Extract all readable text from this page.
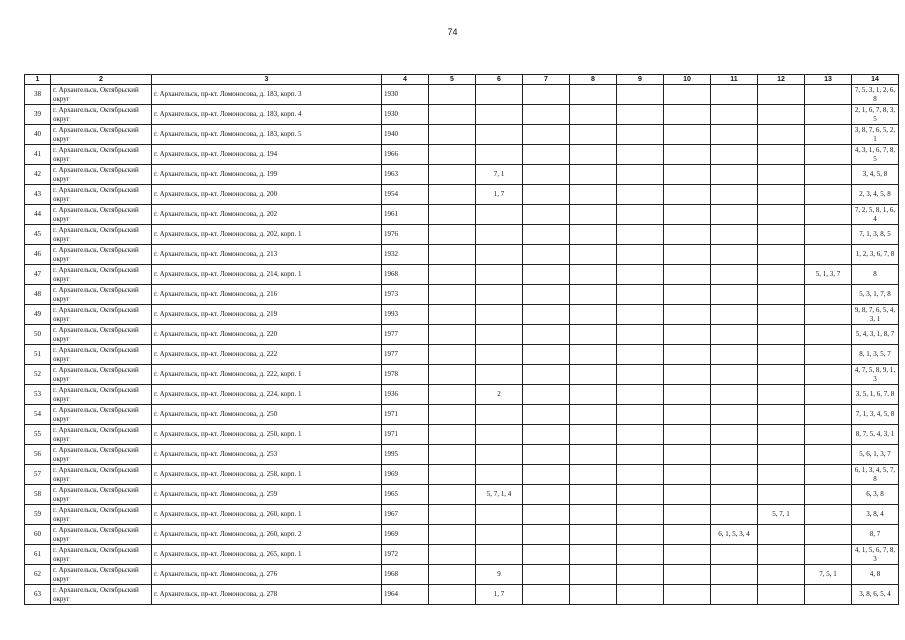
74
1	2	3	4	5	6	7	8	9	10	11	12	13	14
38	г. Архангельск, Октябрьский округ	г. Архангельск, пр-кт. Ломоносова, д. 183, корп. 3	1930										7, 5, 3, 1, 2, 6, 8
39	г. Архангельск, Октябрьский округ	г. Архангельск, пр-кт. Ломоносова, д. 183, корп. 4	1930										2, 1, 6, 7, 8, 3, 5
40	г. Архангельск, Октябрьский округ	г. Архангельск, пр-кт. Ломоносова, д. 183, корп. 5	1940										3, 8, 7, 6, 5, 2, 1
41	г. Архангельск, Октябрьский округ	г. Архангельск, пр-кт. Ломоносова, д. 194	1966										4, 3, 1, 6, 7, 8, 5
42	г. Архангельск, Октябрьский округ	г. Архангельск, пр-кт. Ломоносова, д. 199	1963		7, 1								3, 4, 5, 8
43	г. Архангельск, Октябрьский округ	г. Архангельск, пр-кт. Ломоносова, д. 200	1954		1, 7								2, 3, 4, 5, 8
44	г. Архангельск, Октябрьский округ	г. Архангельск, пр-кт. Ломоносова, д. 202	1961										7, 2, 5, 8, 1, 6, 4
45	г. Архангельск, Октябрьский округ	г. Архангельск, пр-кт. Ломоносова, д. 202, корп. 1	1976										7, 1, 3, 8, 5
46	г. Архангельск, Октябрьский округ	г. Архангельск, пр-кт. Ломоносова, д. 213	1932										1, 2, 3, 6, 7, 8
47	г. Архангельск, Октябрьский округ	г. Архангельск, пр-кт. Ломоносова, д. 214, корп. 1	1968									5, 1, 3, 7	8
48	г. Архангельск, Октябрьский округ	г. Архангельск, пр-кт. Ломоносова, д. 216	1973										5, 3, 1, 7, 8
49	г. Архангельск, Октябрьский округ	г. Архангельск, пр-кт. Ломоносова, д. 219	1993										9, 8, 7, 6, 5, 4, 3, 1
50	г. Архангельск, Октябрьский округ	г. Архангельск, пр-кт. Ломоносова, д. 220	1977										5, 4, 3, 1, 8, 7
51	г. Архангельск, Октябрьский округ	г. Архангельск, пр-кт. Ломоносова, д. 222	1977										8, 1, 3, 5, 7
52	г. Архангельск, Октябрьский округ	г. Архангельск, пр-кт. Ломоносова, д. 222, корп. 1	1978										4, 7, 5, 8, 9, 1, 3
53	г. Архангельск, Октябрьский округ	г. Архангельск, пр-кт. Ломоносова, д. 224, корп. 1	1936		2								3, 5, 1, 6, 7, 8
54	г. Архангельск, Октябрьский округ	г. Архангельск, пр-кт. Ломоносова, д. 250	1971										7, 1, 3, 4, 5, 8
55	г. Архангельск, Октябрьский округ	г. Архангельск, пр-кт. Ломоносова, д. 250, корп. 1	1971										8, 7, 5, 4, 3, 1
56	г. Архангельск, Октябрьский округ	г. Архангельск, пр-кт. Ломоносова, д. 253	1995										5, 6, 1, 3, 7
57	г. Архангельск, Октябрьский округ	г. Архангельск, пр-кт. Ломоносова, д. 258, корп. 1	1969										6, 1, 3, 4, 5, 7, 8
58	г. Архангельск, Октябрьский округ	г. Архангельск, пр-кт. Ломоносова, д. 259	1965		5, 7, 1, 4								6, 3, 8
59	г. Архангельск, Октябрьский округ	г. Архангельск, пр-кт. Ломоносова, д. 260, корп. 1	1967								5, 7, 1		3, 8, 4
60	г. Архангельск, Октябрьский округ	г. Архангельск, пр-кт. Ломоносова, д. 260, корп. 2	1969							6, 1, 5, 3, 4			8, 7
61	г. Архангельск, Октябрьский округ	г. Архангельск, пр-кт. Ломоносова, д. 265, корп. 1	1972										4, 1, 5, 6, 7, 8, 3
62	г. Архангельск, Октябрьский округ	г. Архангельск, пр-кт. Ломоносова, д. 276	1968		9							7, 5, 1	4, 8
63	г. Архангельск, Октябрьский округ	г. Архангельск, пр-кт. Ломоносова, д. 278	1964		1, 7								3, 8, 6, 5, 4
